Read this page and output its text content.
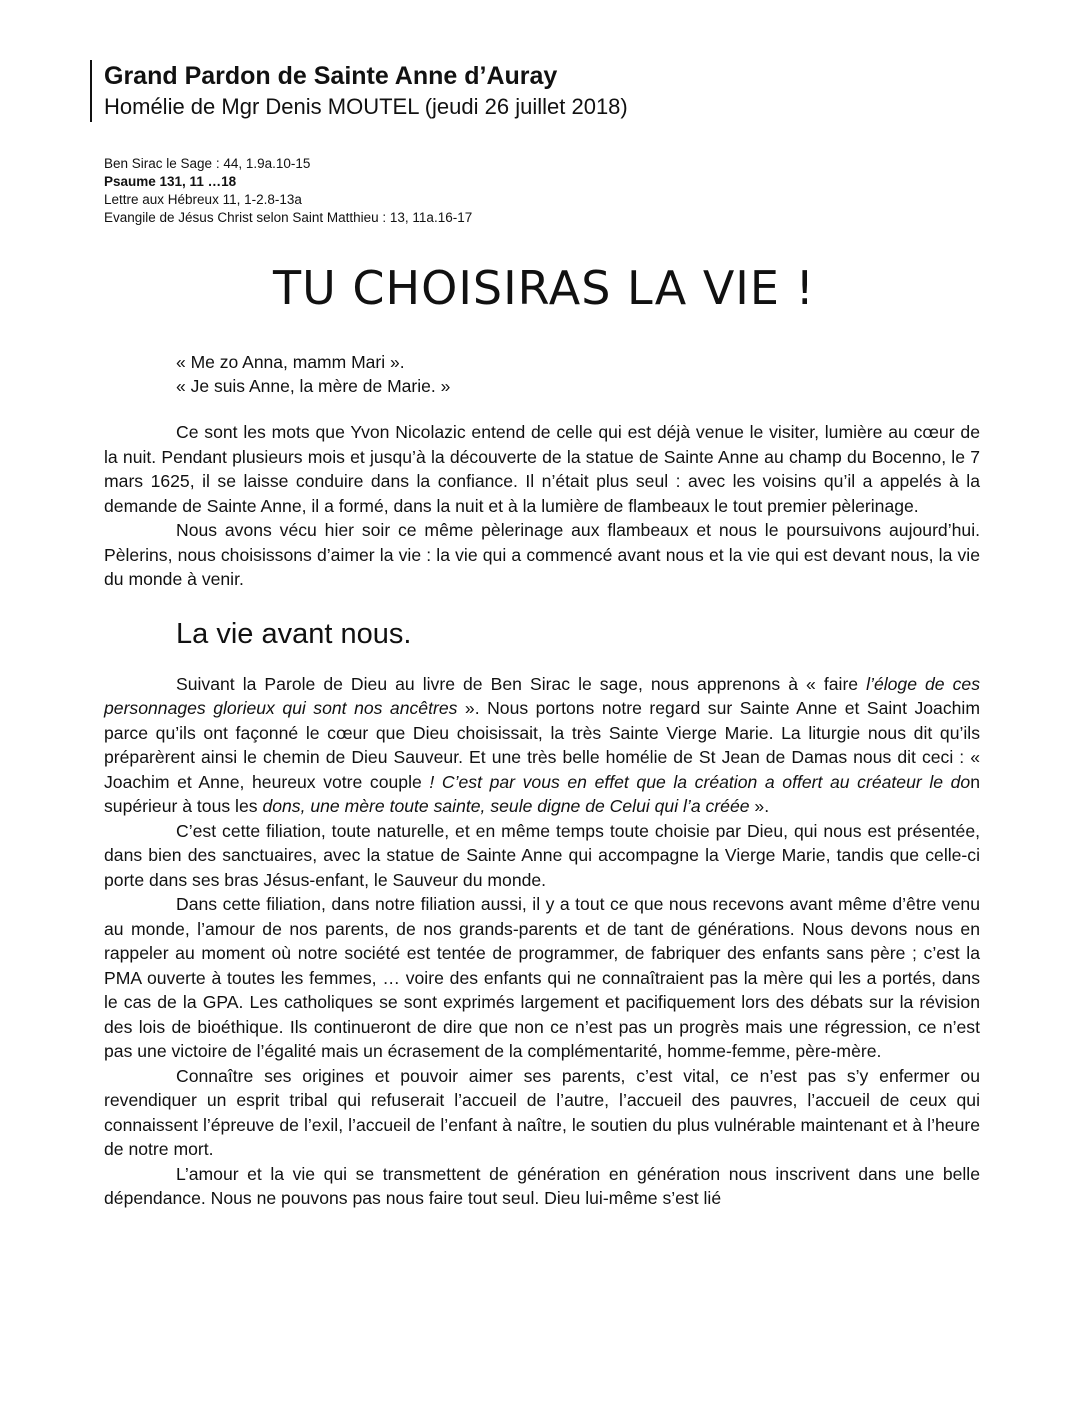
Grand Pardon de Sainte Anne d’Auray

Homélie de Mgr Denis MOUTEL (jeudi 26 juillet 2018)

Ben Sirac le Sage : 44, 1.9a.10-15
Psaume 131, 11 …18
Lettre aux Hébreux 11, 1-2.8-13a
Evangile de Jésus Christ selon Saint Matthieu : 13, 11a.16-17
TU CHOISIRAS LA VIE !
« Me zo Anna, mamm Mari ».
« Je suis Anne, la mère de Marie. »

Ce sont les mots que Yvon Nicolazic entend de celle qui est déjà venue le visiter, lumière au cœur de la nuit. Pendant plusieurs mois et jusqu’à la découverte de la statue de Sainte Anne au champ du Bocenno, le 7 mars 1625, il se laisse conduire dans la confiance. Il n’était plus seul : avec les voisins qu’il a appelés à la demande de Sainte Anne, il a formé, dans la nuit et à la lumière de flambeaux le tout premier pèlerinage.

Nous avons vécu hier soir ce même pèlerinage aux flambeaux et nous le poursuivons aujourd’hui. Pèlerins, nous choisissons d’aimer la vie : la vie qui a commencé avant nous et la vie qui est devant nous, la vie du monde à venir.

La vie avant nous.

Suivant la Parole de Dieu au livre de Ben Sirac le sage, nous apprenons à « faire l’éloge de ces personnages glorieux qui sont nos ancêtres ». Nous portons notre regard sur Sainte Anne et Saint Joachim parce qu’ils ont façonné le cœur que Dieu choisissait, la très Sainte Vierge Marie. La liturgie nous dit qu’ils préparèrent ainsi le chemin de Dieu Sauveur. Et une très belle homélie de St Jean de Damas nous dit ceci : « Joachim et Anne, heureux votre couple ! C’est par vous en effet que la création a offert au créateur le don supérieur à tous les dons, une mère toute sainte, seule digne de Celui qui l’a créée ».

C’est cette filiation, toute naturelle, et en même temps toute choisie par Dieu, qui nous est présentée, dans bien des sanctuaires, avec la statue de Sainte Anne qui accompagne la Vierge Marie, tandis que celle-ci porte dans ses bras Jésus-enfant, le Sauveur du monde.

Dans cette filiation, dans notre filiation aussi, il y a tout ce que nous recevons avant même d’être venu au monde, l’amour de nos parents, de nos grands-parents et de tant de générations. Nous devons nous en rappeler au moment où notre société est tentée de programmer, de fabriquer des enfants sans père ; c’est la PMA ouverte à toutes les femmes, … voire des enfants qui ne connaîtraient pas la mère qui les a portés, dans le cas de la GPA. Les catholiques se sont exprimés largement et pacifiquement lors des débats sur la révision des lois de bioéthique. Ils continueront de dire que non ce n’est pas un progrès mais une régression, ce n’est pas une victoire de l’égalité mais un écrasement de la complémentarité, homme-femme, père-mère.

Connaître ses origines et pouvoir aimer ses parents, c’est vital, ce n’est pas s’y enfermer ou revendiquer un esprit tribal qui refuserait l’accueil de l’autre, l’accueil des pauvres, l’accueil de ceux qui connaissent l’épreuve de l’exil, l’accueil de l’enfant à naître, le soutien du plus vulnérable maintenant et à l’heure de notre mort.

L’amour et la vie qui se transmettent de génération en génération nous inscrivent dans une belle dépendance. Nous ne pouvons pas nous faire tout seul. Dieu lui-même s’est lié
